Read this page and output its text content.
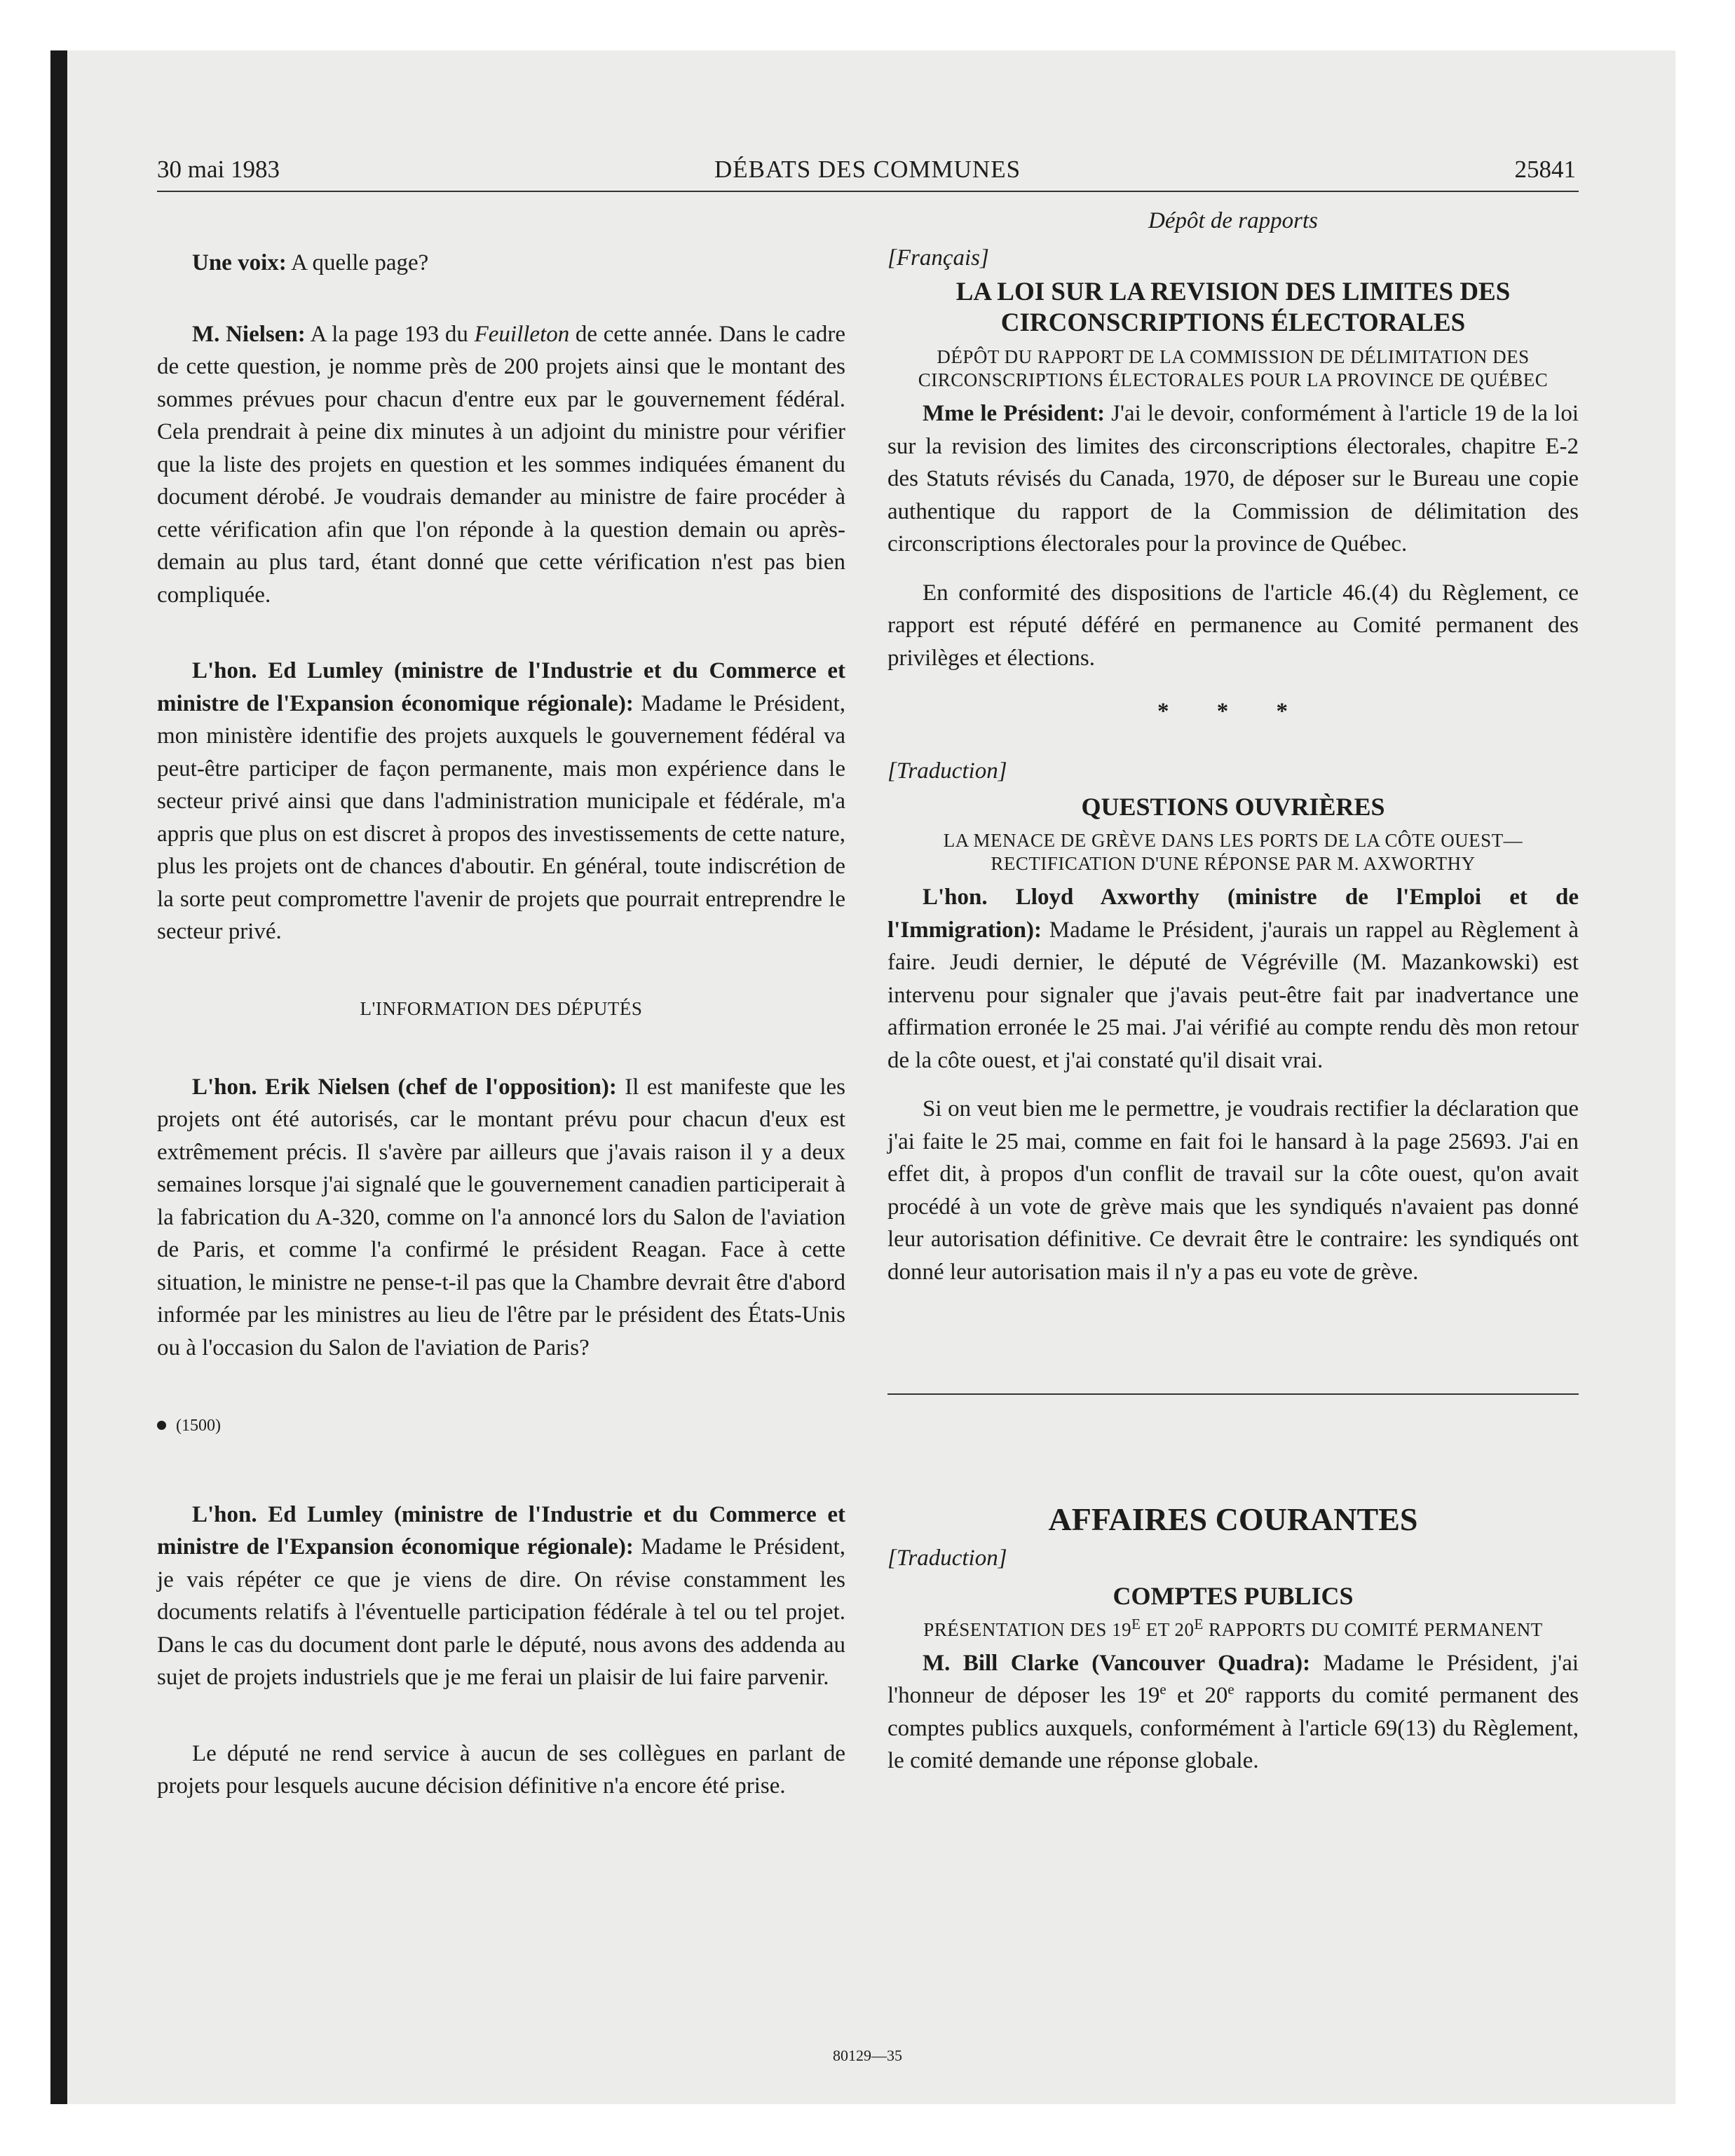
30 mai 1983	DÉBATS DES COMMUNES	25841

Une voix: A quelle page?

M. Nielsen: A la page 193 du Feuilleton de cette année. Dans le cadre de cette question, je nomme près de 200 projets ainsi que le montant des sommes prévues pour chacun d'entre eux par le gouvernement fédéral. Cela prendrait à peine dix minutes à un adjoint du ministre pour vérifier que la liste des projets en question et les sommes indiquées émanent du document dérobé. Je voudrais demander au ministre de faire procéder à cette vérification afin que l'on réponde à la question demain ou après-demain au plus tard, étant donné que cette vérification n'est pas bien compliquée.

L'hon. Ed Lumley (ministre de l'Industrie et du Commerce et ministre de l'Expansion économique régionale): Madame le Président, mon ministère identifie des projets auxquels le gouvernement fédéral va peut-être participer de façon permanente, mais mon expérience dans le secteur privé ainsi que dans l'administration municipale et fédérale, m'a appris que plus on est discret à propos des investissements de cette nature, plus les projets ont de chances d'aboutir. En général, toute indiscrétion de la sorte peut compromettre l'avenir de projets que pourrait entreprendre le secteur privé.

L'INFORMATION DES DÉPUTÉS

L'hon. Erik Nielsen (chef de l'opposition): Il est manifeste que les projets ont été autorisés, car le montant prévu pour chacun d'eux est extrêmement précis. Il s'avère par ailleurs que j'avais raison il y a deux semaines lorsque j'ai signalé que le gouvernement canadien participerait à la fabrication du A-320, comme on l'a annoncé lors du Salon de l'aviation de Paris, et comme l'a confirmé le président Reagan. Face à cette situation, le ministre ne pense-t-il pas que la Chambre devrait être d'abord informée par les ministres au lieu de l'être par le président des États-Unis ou à l'occasion du Salon de l'aviation de Paris?

(1500)

L'hon. Ed Lumley (ministre de l'Industrie et du Commerce et ministre de l'Expansion économique régionale): Madame le Président, je vais répéter ce que je viens de dire. On révise constamment les documents relatifs à l'éventuelle participation fédérale à tel ou tel projet. Dans le cas du document dont parle le député, nous avons des addenda au sujet de projets industriels que je me ferai un plaisir de lui faire parvenir.

Le député ne rend service à aucun de ses collègues en parlant de projets pour lesquels aucune décision définitive n'a encore été prise.

Dépôt de rapports

[Français]

LA LOI SUR LA REVISION DES LIMITES DES CIRCONSCRIPTIONS ÉLECTORALES

DÉPÔT DU RAPPORT DE LA COMMISSION DE DÉLIMITATION DES CIRCONSCRIPTIONS ÉLECTORALES POUR LA PROVINCE DE QUÉBEC

Mme le Président: J'ai le devoir, conformément à l'article 19 de la loi sur la revision des limites des circonscriptions électorales, chapitre E-2 des Statuts révisés du Canada, 1970, de déposer sur le Bureau une copie authentique du rapport de la Commission de délimitation des circonscriptions électorales pour la province de Québec.

En conformité des dispositions de l'article 46.(4) du Règlement, ce rapport est réputé déféré en permanence au Comité permanent des privilèges et élections.

* * *

[Traduction]

QUESTIONS OUVRIÈRES

LA MENACE DE GRÈVE DANS LES PORTS DE LA CÔTE OUEST— RECTIFICATION D'UNE RÉPONSE PAR M. AXWORTHY

L'hon. Lloyd Axworthy (ministre de l'Emploi et de l'Immigration): Madame le Président, j'aurais un rappel au Règlement à faire. Jeudi dernier, le député de Végréville (M. Mazankowski) est intervenu pour signaler que j'avais peut-être fait par inadvertance une affirmation erronée le 25 mai. J'ai vérifié au compte rendu dès mon retour de la côte ouest, et j'ai constaté qu'il disait vrai.

Si on veut bien me le permettre, je voudrais rectifier la déclaration que j'ai faite le 25 mai, comme en fait foi le hansard à la page 25693. J'ai en effet dit, à propos d'un conflit de travail sur la côte ouest, qu'on avait procédé à un vote de grève mais que les syndiqués n'avaient pas donné leur autorisation définitive. Ce devrait être le contraire: les syndiqués ont donné leur autorisation mais il n'y a pas eu vote de grève.

AFFAIRES COURANTES

[Traduction]

COMPTES PUBLICS

PRÉSENTATION DES $19^E$ ET $20^E$ RAPPORTS DU COMITÉ PERMANENT

M. Bill Clarke (Vancouver Quadra): Madame le Président, j'ai l'honneur de déposer les 19e et 20e rapports du comité permanent des comptes publics auxquels, conformément à l'article 69(13) du Règlement, le comité demande une réponse globale.

80129—35
